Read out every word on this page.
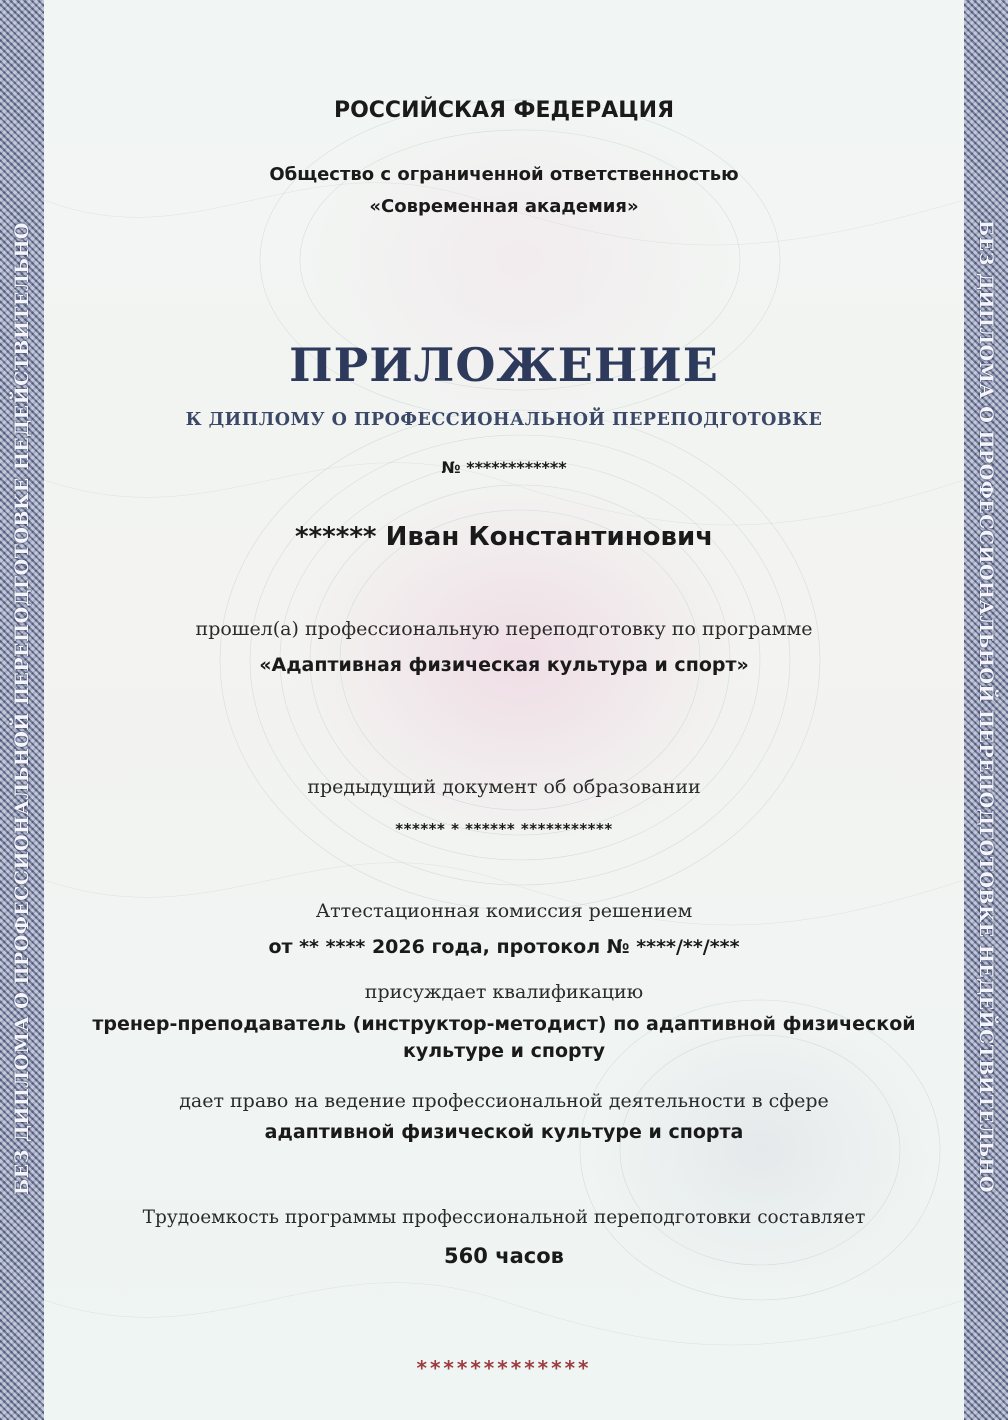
БЕЗ ДИПЛОМА О ПРОФЕССИОНАЛЬНОЙ ПЕРЕПОДГОТОВКЕ НЕДЕЙСТВИТЕЛЬНО	БЕЗ ДИПЛОМА О ПРОФЕССИОНАЛЬНОЙ ПЕРЕПОДГОТОВКЕ НЕДЕЙСТВИТЕЛЬНО
РОССИЙСКАЯ ФЕДЕРАЦИЯ
Общество с ограниченной ответственностью
«Современная академия»
ПРИЛОЖЕНИЕ
К ДИПЛОМУ О ПРОФЕССИОНАЛЬНОЙ ПЕРЕПОДГОТОВКЕ
№ ************
****** Иван Константинович
прошел(а) профессиональную переподготовку по программе
«Адаптивная физическая культура и спорт»
предыдущий документ об образовании
****** * ****** ***********
Аттестационная комиссия решением
от ** **** 2026 года, протокол № ****/**/***
присуждает квалификацию
тренер-преподаватель (инструктор-методист) по адаптивной физической культуре и спорту
дает право на ведение профессиональной деятельности в сфере
адаптивной физической культуре и спорта
Трудоемкость программы профессиональной переподготовки составляет
560 часов
*************
